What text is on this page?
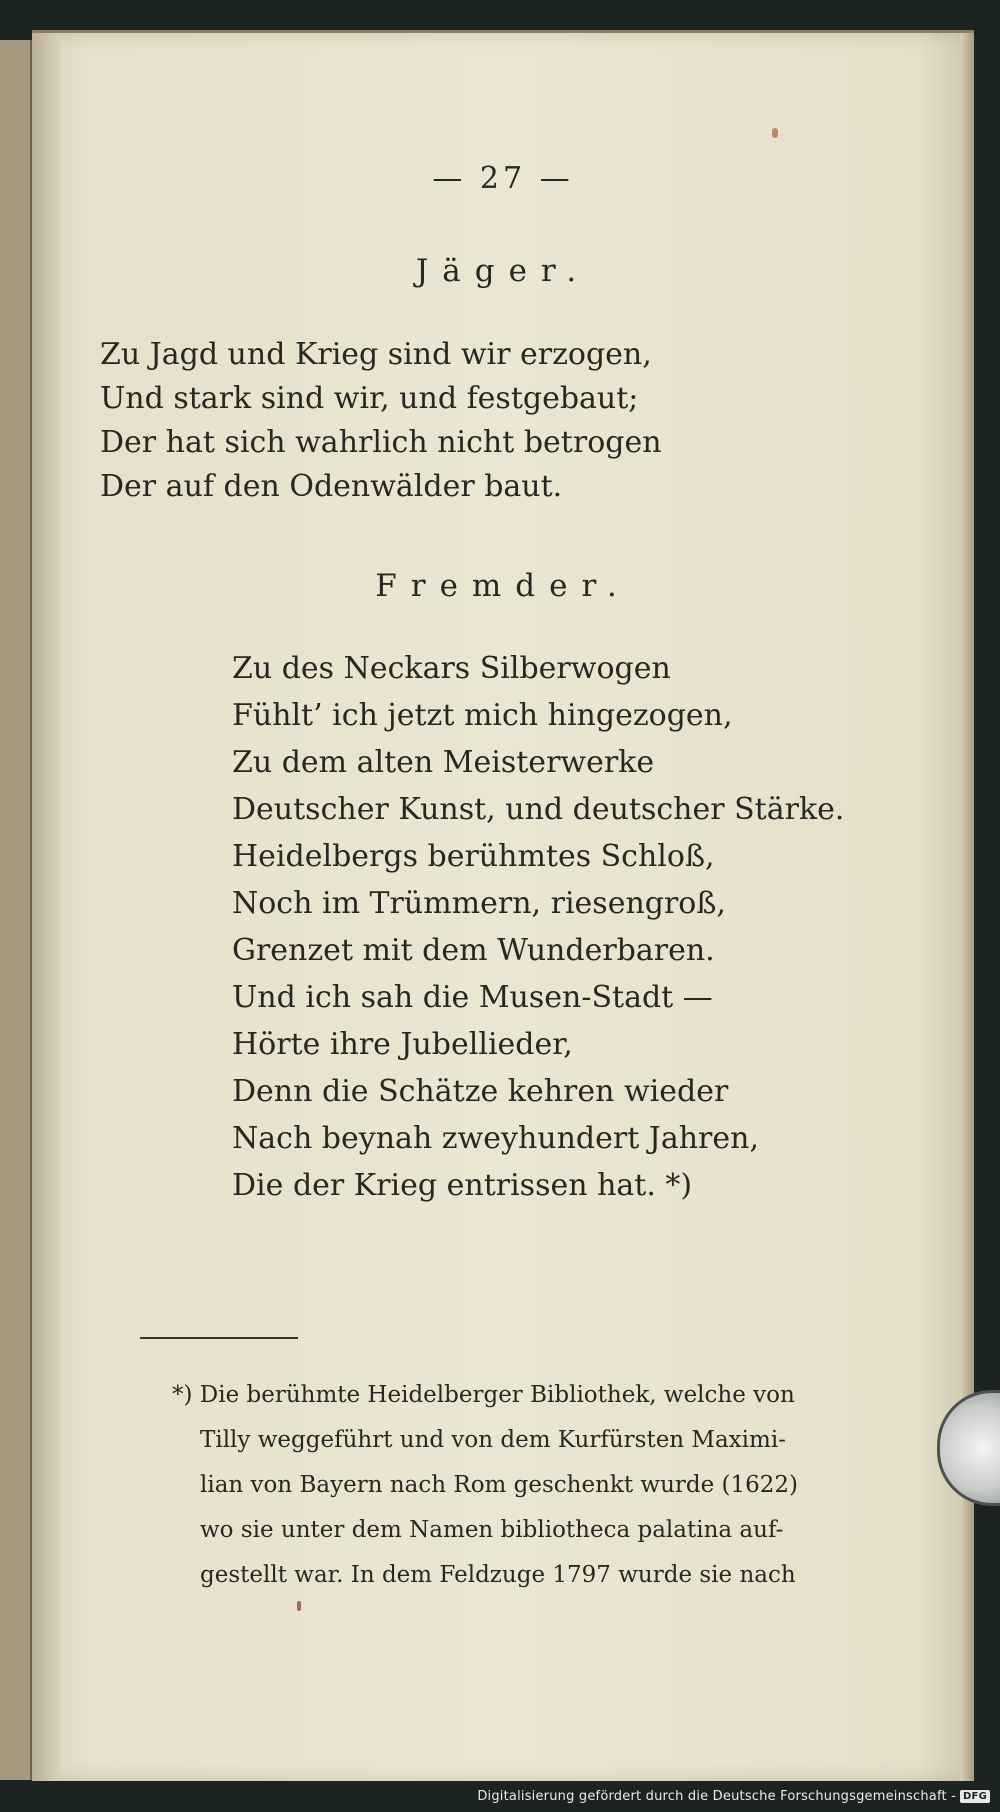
— 27 —
Jäger.
Zu Jagd und Krieg sind wir erzogen,
Und stark sind wir, und festgebaut;
Der hat sich wahrlich nicht betrogen
Der auf den Odenwälder baut.
Fremder.
Zu des Neckars Silberwogen
Fühlt’ ich jetzt mich hingezogen,
Zu dem alten Meisterwerke
Deutscher Kunst, und deutscher Stärke.
Heidelbergs berühmtes Schloß,
Noch im Trümmern, riesengroß,
Grenzet mit dem Wunderbaren.
Und ich sah die Musen-Stadt —
Hörte ihre Jubellieder,
Denn die Schätze kehren wieder
Nach beynah zweyhundert Jahren,
Die der Krieg entrissen hat. *)
*) Die berühmte Heidelberger Bibliothek, welche von
Tilly weggeführt und von dem Kurfürsten Maximi-
lian von Bayern nach Rom geschenkt wurde (1622)
wo sie unter dem Namen bibliotheca palatina auf-
gestellt war. In dem Feldzuge 1797 wurde sie nach
Digitalisierung gefördert durch die Deutsche Forschungsgemeinschaft - DFG
